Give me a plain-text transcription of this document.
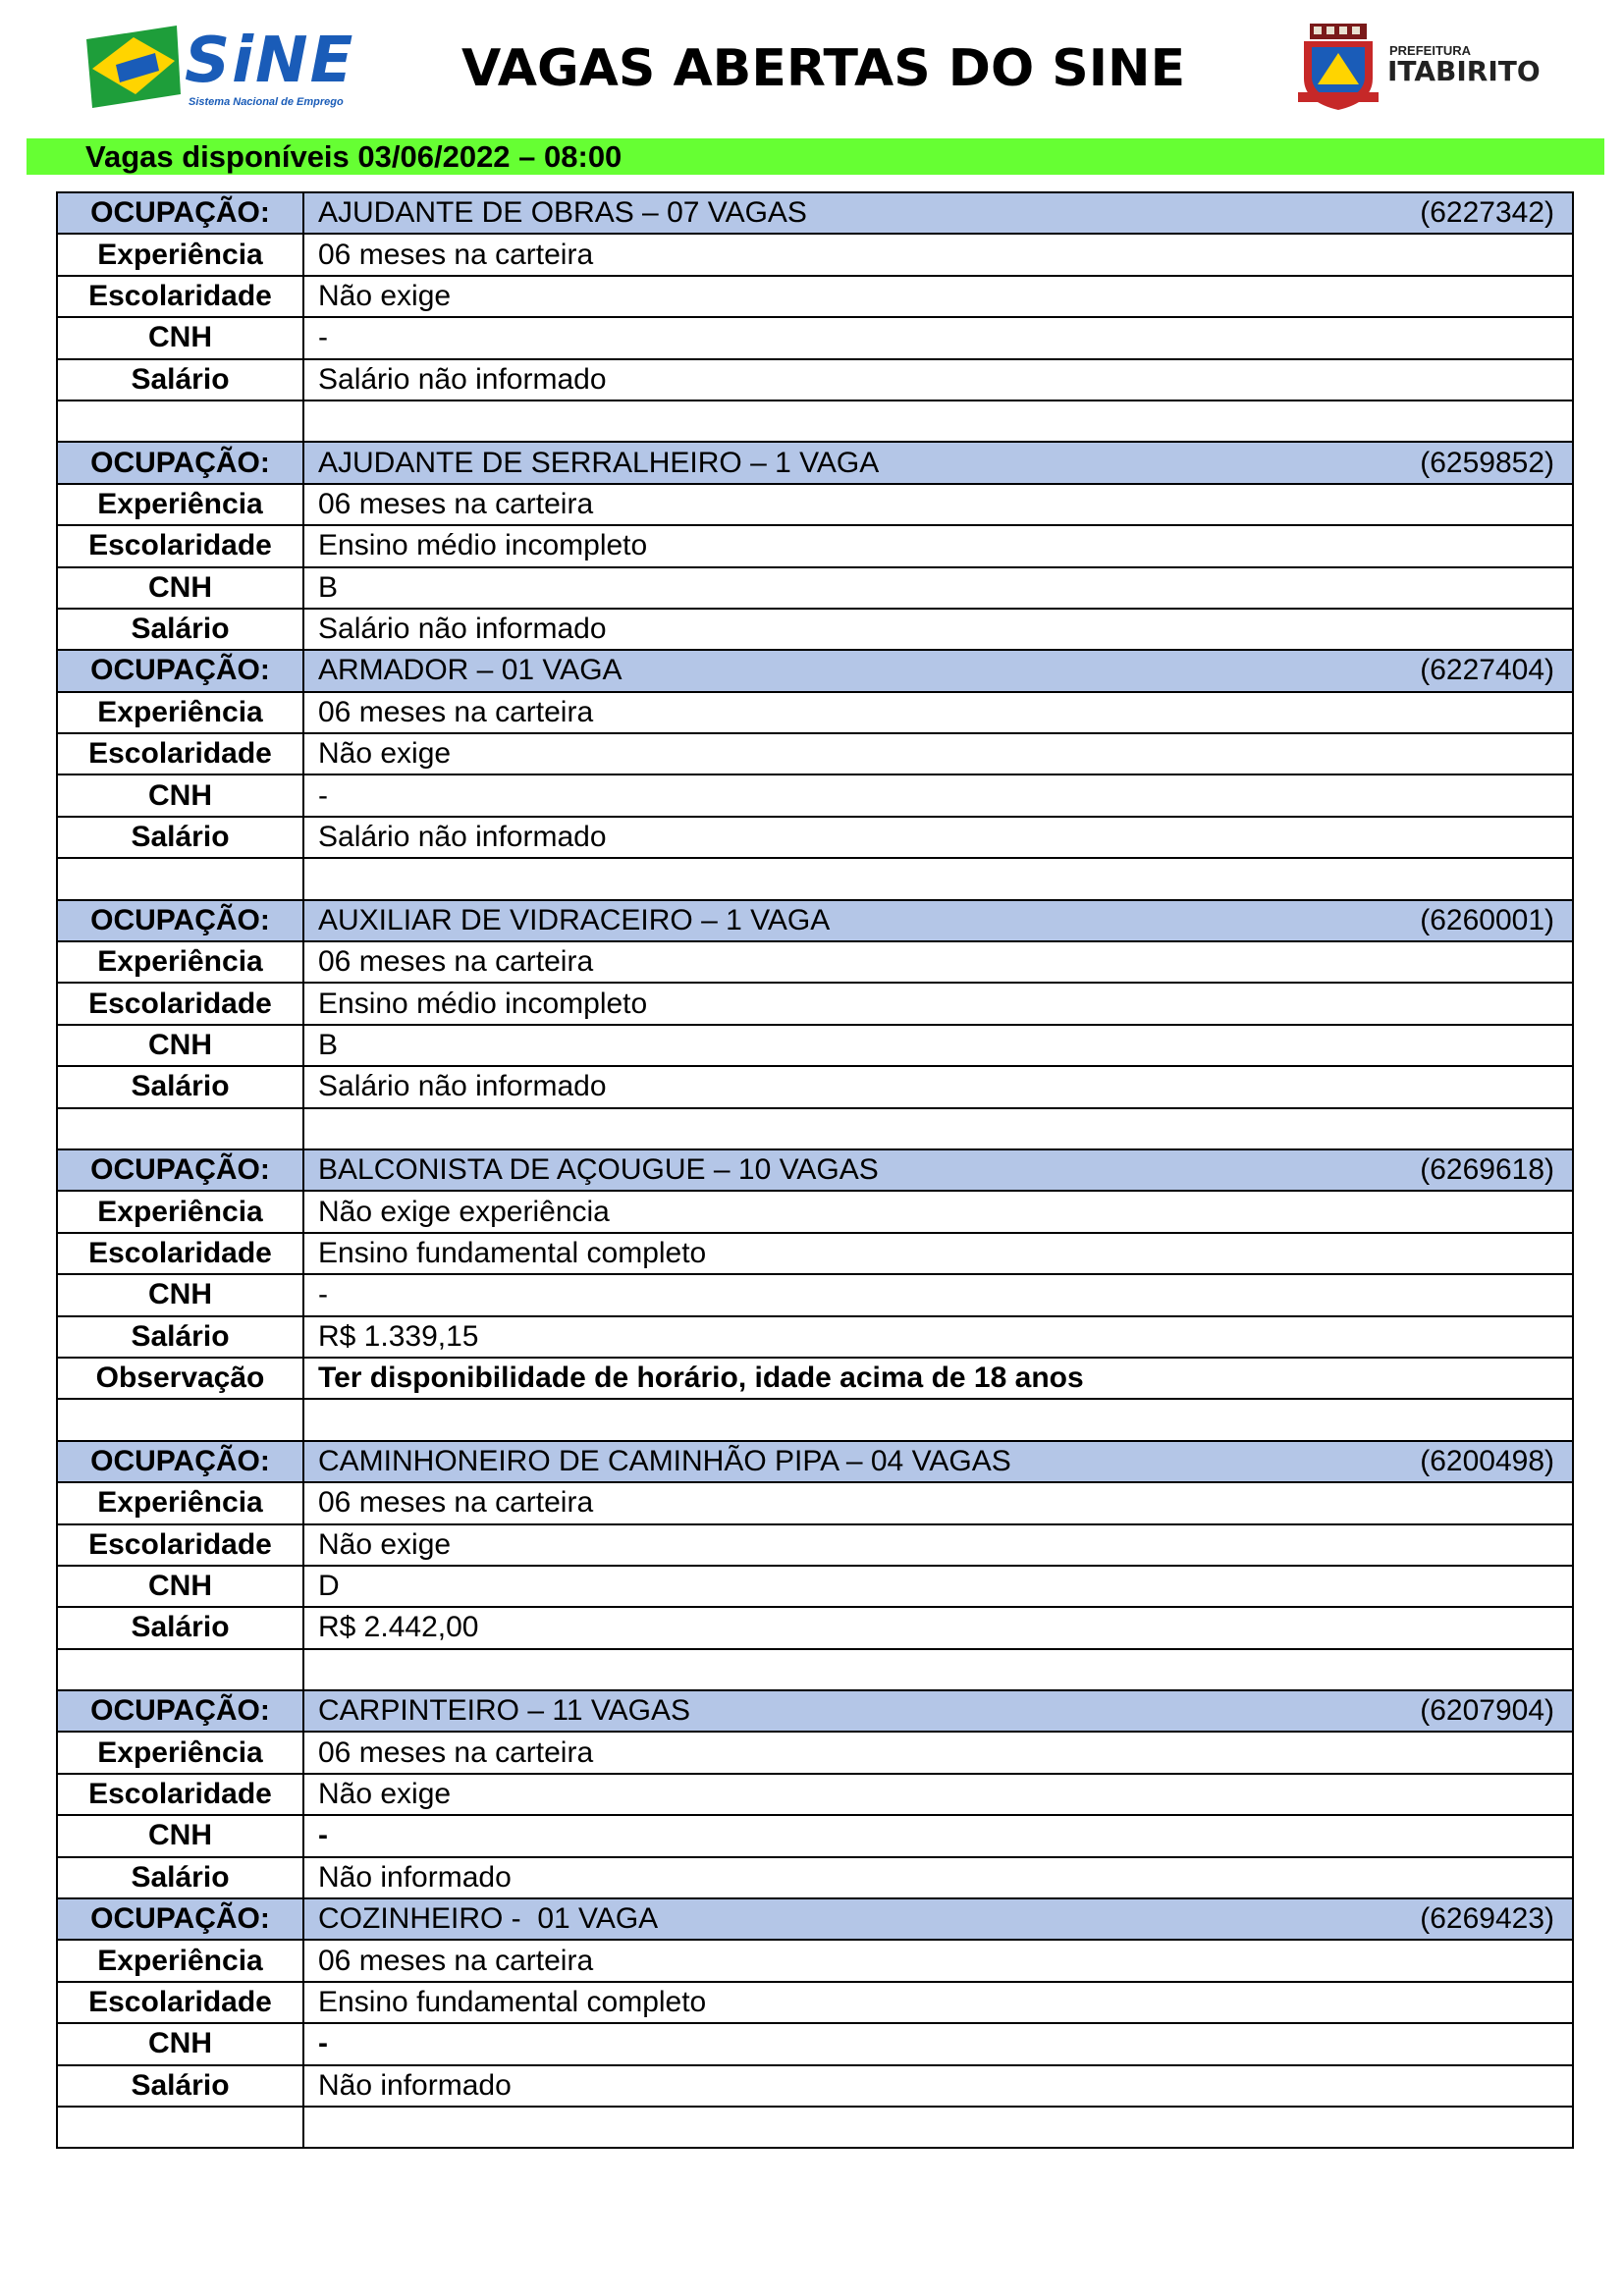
SiNE
Sistema Nacional de Emprego
VAGAS ABERTAS DO SINE	PREFEITURA
ITABIRITO
Vagas disponíveis 03/06/2022 – 08:00
OCUPAÇÃO:	AJUDANTE DE OBRAS – 07 VAGAS (6227342)

Experiência	06 meses na carteira
Escolaridade	Não exige
CNH	-
Salário	Salário não informado

OCUPAÇÃO:	AJUDANTE DE SERRALHEIRO – 1 VAGA (6259852)

Experiência	06 meses na carteira
Escolaridade	Ensino médio incompleto
CNH	B
Salário	Salário não informado
OCUPAÇÃO:	ARMADOR – 01 VAGA (6227404)

Experiência	06 meses na carteira
Escolaridade	Não exige
CNH	-
Salário	Salário não informado

OCUPAÇÃO:	AUXILIAR DE VIDRACEIRO – 1 VAGA (6260001)

Experiência	06 meses na carteira
Escolaridade	Ensino médio incompleto
CNH	B
Salário	Salário não informado

OCUPAÇÃO:	BALCONISTA DE AÇOUGUE – 10 VAGAS (6269618)

Experiência	Não exige experiência
Escolaridade	Ensino fundamental completo
CNH	-
Salário	R$ 1.339,15
Observação	Ter disponibilidade de horário, idade acima de 18 anos

OCUPAÇÃO:	CAMINHONEIRO DE CAMINHÃO PIPA – 04 VAGAS (6200498)

Experiência	06 meses na carteira
Escolaridade	Não exige
CNH	D
Salário	R$ 2.442,00

OCUPAÇÃO:	CARPINTEIRO – 11 VAGAS (6207904)

Experiência	06 meses na carteira
Escolaridade	Não exige
CNH	-
Salário	Não informado
OCUPAÇÃO:	COZINHEIRO -  01 VAGA (6269423)

Experiência	06 meses na carteira
Escolaridade	Ensino fundamental completo
CNH	-
Salário	Não informado
